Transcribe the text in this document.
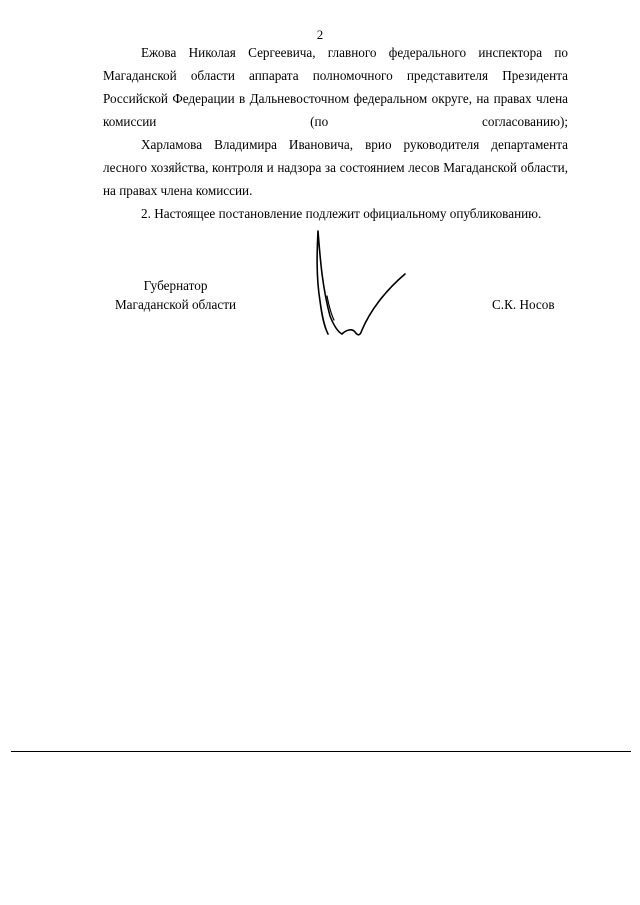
2

Ежова Николая Сергеевича, главного федерального инспектора по Магаданской области аппарата полномочного представителя Президента Российской Федерации в Дальневосточном федеральном округе, на правах члена комиссии (по согласованию);

Харламова Владимира Ивановича, врио руководителя департамента лесного хозяйства, контроля и надзора за состоянием лесов Магаданской области, на правах члена комиссии.

2. Настоящее постановление подлежит официальному опубликованию.

Губернатор
Магаданской области	С.К. Носов
